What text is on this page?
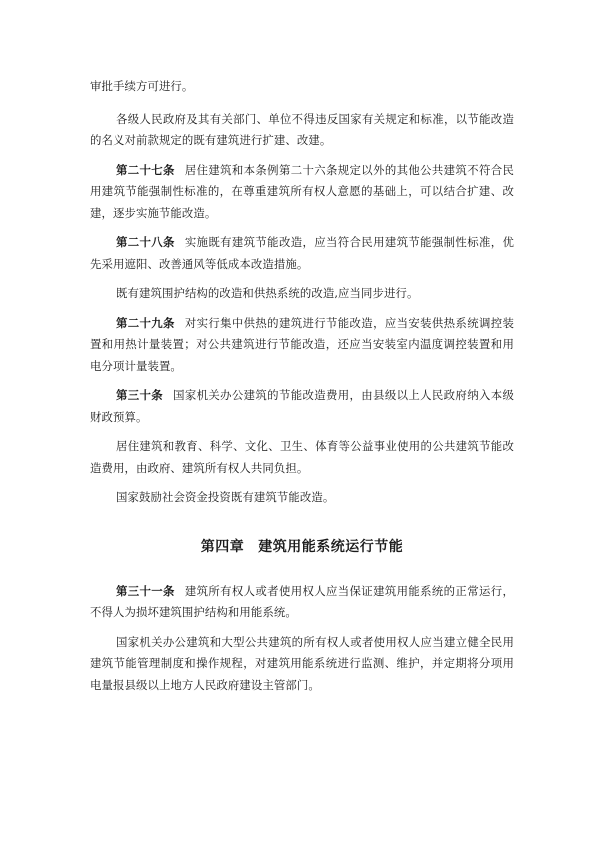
审批手续方可进行。

各级人民政府及其有关部门、单位不得违反国家有关规定和标准，以节能改造的名义对前款规定的既有建筑进行扩建、改建。

第二十七条 居住建筑和本条例第二十六条规定以外的其他公共建筑不符合民用建筑节能强制性标准的，在尊重建筑所有权人意愿的基础上，可以结合扩建、改建，逐步实施节能改造。

第二十八条 实施既有建筑节能改造，应当符合民用建筑节能强制性标准，优先采用遮阳、改善通风等低成本改造措施。

既有建筑围护结构的改造和供热系统的改造,应当同步进行。

第二十九条 对实行集中供热的建筑进行节能改造，应当安装供热系统调控装置和用热计量装置；对公共建筑进行节能改造，还应当安装室内温度调控装置和用电分项计量装置。

第三十条 国家机关办公建筑的节能改造费用，由县级以上人民政府纳入本级财政预算。

居住建筑和教育、科学、文化、卫生、体育等公益事业使用的公共建筑节能改造费用，由政府、建筑所有权人共同负担。

国家鼓励社会资金投资既有建筑节能改造。

第四章 建筑用能系统运行节能

第三十一条 建筑所有权人或者使用权人应当保证建筑用能系统的正常运行，不得人为损坏建筑围护结构和用能系统。

国家机关办公建筑和大型公共建筑的所有权人或者使用权人应当建立健全民用建筑节能管理制度和操作规程，对建筑用能系统进行监测、维护，并定期将分项用电量报县级以上地方人民政府建设主管部门。
